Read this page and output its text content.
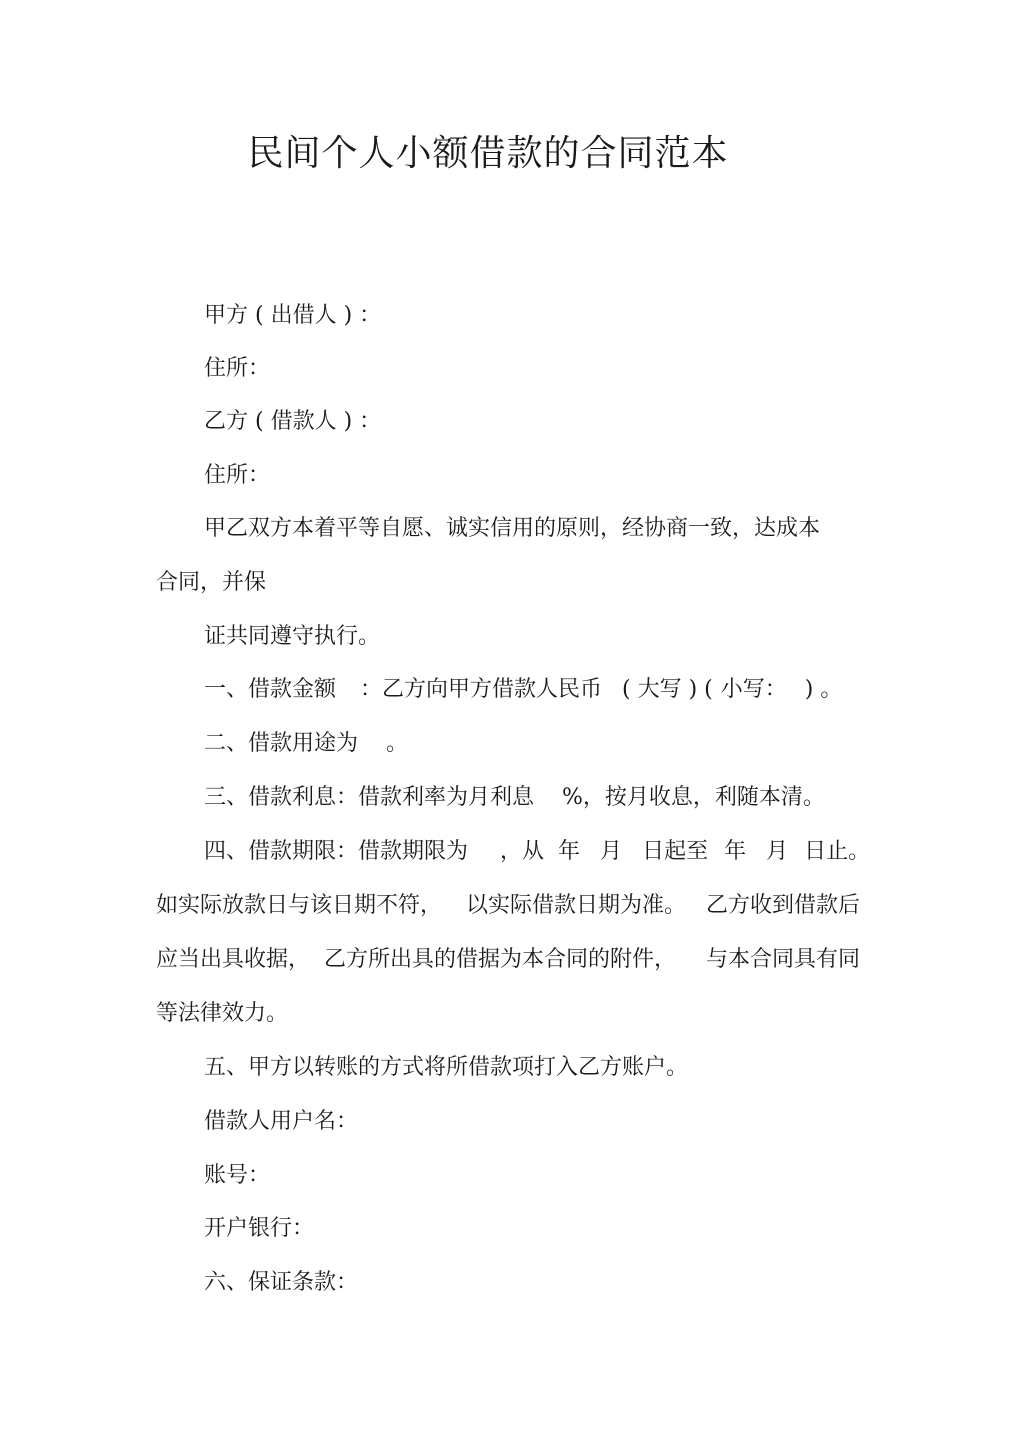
民间个人小额借款的合同范本
甲方 ( 出借人 ) ：
住所：
乙方 ( 借款人 ) ：
住所：
甲乙双方本着平等自愿、诚实信用的原则，经协商一致，达成本
合同，并保
证共同遵守执行。
一、借款金额 ：乙方向甲方借款人民币 ( 大写 ) ( 小写： ) 。
二、借款用途为 。
三、借款利息：借款利率为月利息 %，按月收息，利随本清。
四、借款期限：借款期限为 ，从 年 月 日起至 年 月 日止。
如实际放款日与该日期不符， 以实际借款日期为准。 乙方收到借款后
应当出具收据， 乙方所出具的借据为本合同的附件， 与本合同具有同
等法律效力。
五、甲方以转账的方式将所借款项打入乙方账户。
借款人用户名：
账号：
开户银行：
六、保证条款：
